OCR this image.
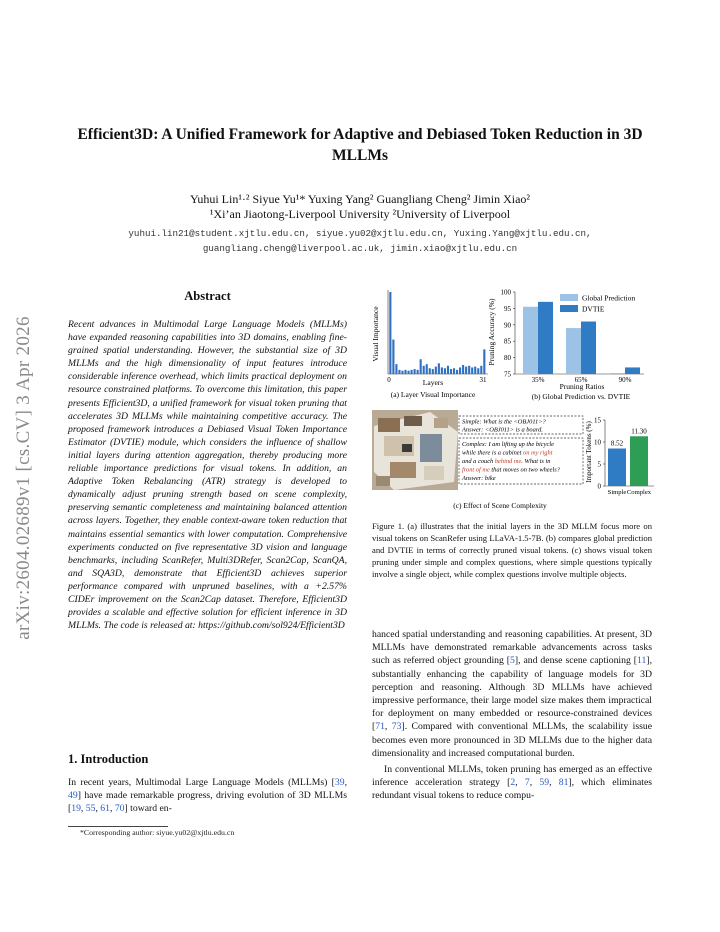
arXiv:2604.02689v1 [cs.CV] 3 Apr 2026
Efficient3D: A Unified Framework for Adaptive and Debiased Token Reduction in 3D MLLMs
Yuhui Lin¹·² Siyue Yu¹* Yuxing Yang² Guangliang Cheng² Jimin Xiao²
¹Xi’an Jiaotong-Liverpool University ²University of Liverpool
yuhui.lin21@student.xjtlu.edu.cn, siyue.yu02@xjtlu.edu.cn, Yuxing.Yang@xjtlu.edu.cn,
guangliang.cheng@liverpool.ac.uk, jimin.xiao@xjtlu.edu.cn
Abstract
Recent advances in Multimodal Large Language Models (MLLMs) have expanded reasoning capabilities into 3D domains, enabling fine-grained spatial understanding. However, the substantial size of 3D MLLMs and the high dimensionality of input features introduce considerable inference overhead, which limits practical deployment on resource constrained platforms. To overcome this limitation, this paper presents Efficient3D, a unified framework for visual token pruning that accelerates 3D MLLMs while maintaining competitive accuracy. The proposed framework introduces a Debiased Visual Token Importance Estimator (DVTIE) module, which considers the influence of shallow initial layers during attention aggregation, thereby producing more reliable importance predictions for visual tokens. In addition, an Adaptive Token Rebalancing (ATR) strategy is developed to dynamically adjust pruning strength based on scene complexity, preserving semantic completeness and maintaining balanced attention across layers. Together, they enable context-aware token reduction that maintains essential semantics with lower computation. Comprehensive experiments conducted on five representative 3D vision and language benchmarks, including ScanRefer, Multi3DRefer, Scan2Cap, ScanQA, and SQA3D, demonstrate that Efficient3D achieves superior performance compared with unpruned baselines, with a +2.57% CIDEr improvement on the Scan2Cap dataset. Therefore, Efficient3D provides a scalable and effective solution for efficient inference in 3D MLLMs. The code is released at: https://github.com/sol924/Efficient3D
1. Introduction
In recent years, Multimodal Large Language Models (MLLMs) [39, 49] have made remarkable progress, driving evolution of 3D MLLMs [19, 55, 61, 70] toward en-
*Corresponding author: siyue.yu02@xjtlu.edu.cn
Visual Importance
0	31
Layers
(a) Layer Visual Importance
Pruning Accuracy (%)
Pruning Ratios
(b) Global Prediction vs. DVTIE
Global Prediction
DVTIE
75
80
85
90
95
100
35%	65%	90%
Simple: What is the <OBJ011>?
Answer: <OBJ011> is a board.
Complex: I am lifting up the bicycle
while there is a cabinet on my right
and a couch behind me. What is in
front of me that moves on two wheels?
Answer: bike	Important Tokens (%)
(c) Effect of Scene Complexity
0
5
10
15
8.52
Simple
11.30
Complex
Figure 1. (a) illustrates that the initial layers in the 3D MLLM focus more on visual tokens on ScanRefer using LLaVA-1.5-7B. (b) compares global prediction and DVTIE in terms of correctly pruned visual tokens. (c) shows visual token pruning under simple and complex questions, where simple questions typically involve a single object, while complex questions involve multiple objects.

hanced spatial understanding and reasoning capabilities. At present, 3D MLLMs have demonstrated remarkable advancements across tasks such as referred object grounding [5], and dense scene captioning [11], substantially enhancing the capability of language models for 3D perception and reasoning. Although 3D MLLMs have achieved impressive performance, their large model size makes them impractical for deployment on many embedded or resource-constrained devices [71, 73]. Compared with conventional MLLMs, the scalability issue becomes even more pronounced in 3D MLLMs due to the higher data dimensionality and increased computational burden.

In conventional MLLMs, token pruning has emerged as an effective inference acceleration strategy [2, 7, 59, 81], which eliminates redundant visual tokens to reduce compu-
